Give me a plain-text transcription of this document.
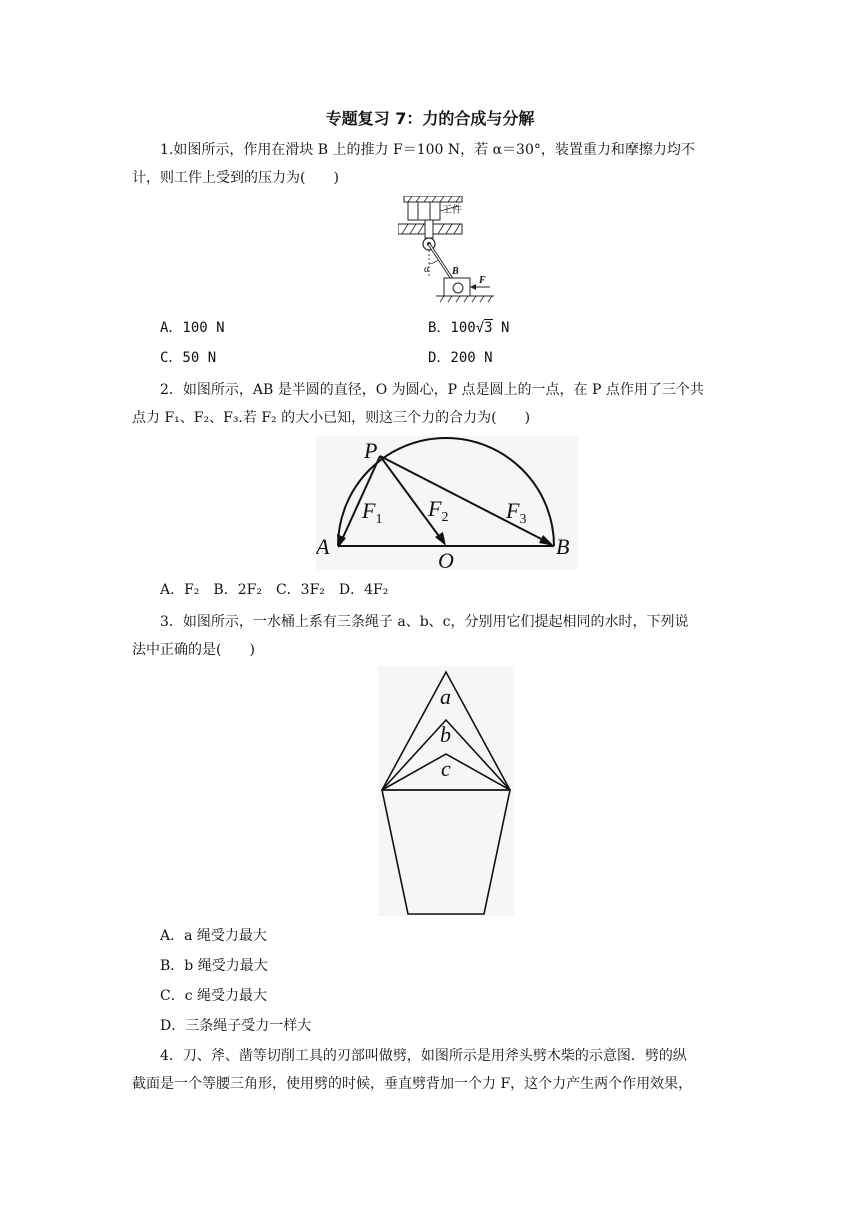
专题复习 7：力的合成与分解

1.如图所示，作用在滑块 B 上的推力 F＝100 N，若 α＝30°，装置重力和摩擦力均不

计，则工件上受到的压力为(　　)

工件
α B
F
A．100 N	B．100√3 N
C．50 N	D．200 N

2．如图所示，AB 是半圆的直径，O 为圆心，P 点是圆上的一点，在 P 点作用了三个共

点力 F₁、F₂、F₃.若 F₂ 的大小已知，则这三个力的合力为(　　)

P
A
O
B
$F_1$ $F_2$	$F_3$
A．F₂　B．2F₂　C．3F₂　D．4F₂

3．如图所示，一水桶上系有三条绳子 a、b、c，分别用它们提起相同的水时，下列说

法中正确的是(　　)

a
b
c
A．a 绳受力最大
B．b 绳受力最大
C．c 绳受力最大
D．三条绳子受力一样大

4．刀、斧、凿等切削工具的刃部叫做劈，如图所示是用斧头劈木柴的示意图．劈的纵

截面是一个等腰三角形，使用劈的时候，垂直劈背加一个力 F，这个力产生两个作用效果，
